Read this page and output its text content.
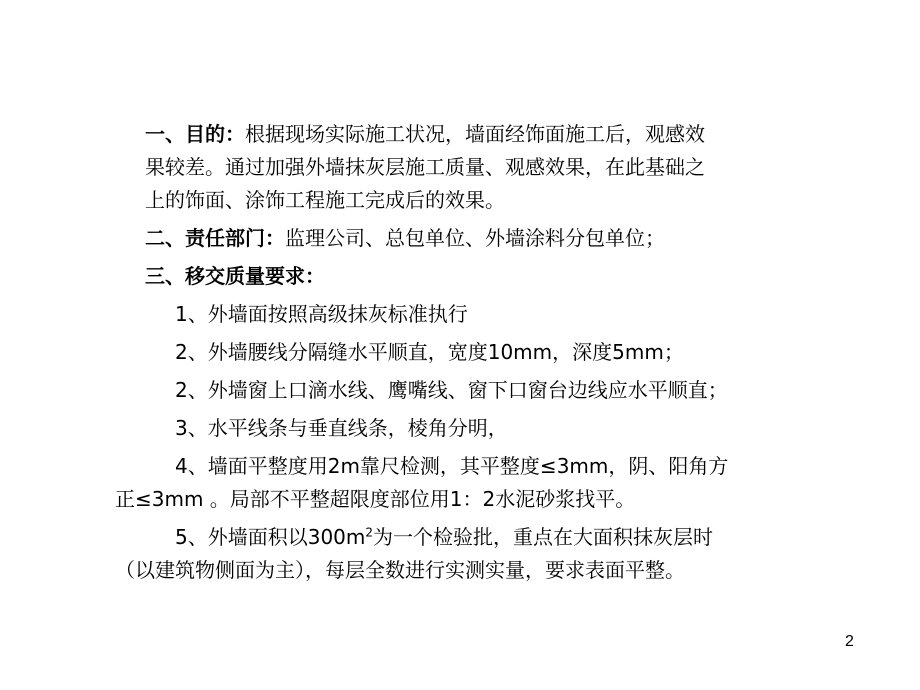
一、目的：根据现场实际施工状况，墙面经饰面施工后，观感效
果较差。通过加强外墙抹灰层施工质量、观感效果，在此基础之
上的饰面、涂饰工程施工完成后的效果。

二、责任部门：监理公司、总包单位、外墙涂料分包单位；

三、移交质量要求：

1、外墙面按照高级抹灰标准执行

2、外墙腰线分隔缝水平顺直，宽度10mm，深度5mm；

2、外墙窗上口滴水线、鹰嘴线、窗下口窗台边线应水平顺直；

3、水平线条与垂直线条，棱角分明，

4、墙面平整度用2m靠尺检测，其平整度≤3mm，阴、阳角方
正≤3mm 。局部不平整超限度部位用1：2水泥砂浆找平。

5、外墙面积以$300m^2$为一个检验批，重点在大面积抹灰层时
（以建筑物侧面为主），每层全数进行实测实量，要求表面平整。

2
